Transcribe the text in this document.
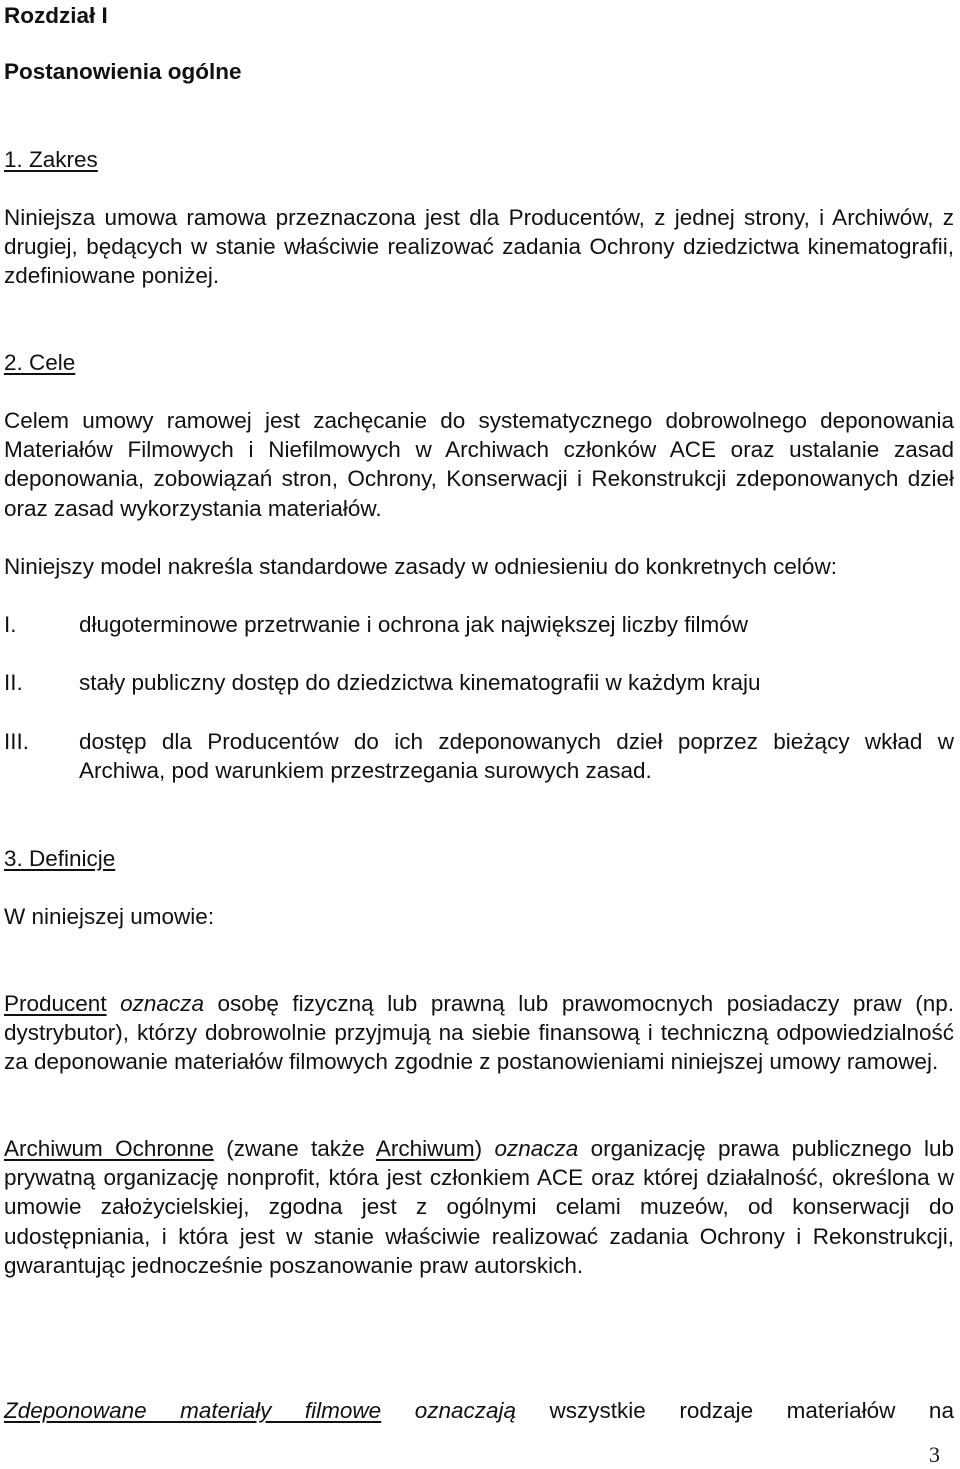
Rozdział I
Postanowienia ogólne
1. Zakres

Niniejsza umowa ramowa przeznaczona jest dla Producentów, z jednej strony, i Archiwów, z drugiej, będących w stanie właściwie realizować zadania Ochrony dziedzictwa kinematografii, zdefiniowane poniżej.

2. Cele

Celem umowy ramowej jest zachęcanie do systematycznego dobrowolnego deponowania Materiałów Filmowych i Niefilmowych w Archiwach członków ACE oraz ustalanie zasad deponowania, zobowiązań stron, Ochrony, Konserwacji i Rekonstrukcji zdeponowanych dzieł oraz zasad wykorzystania materiałów.

Niniejszy model nakreśla standardowe zasady w odniesieniu do konkretnych celów:

I.	długoterminowe przetrwanie i ochrona jak największej liczby filmów
II. stały publiczny dostęp do dziedzictwa kinematografii w każdym kraju
III. dostęp dla Producentów do ich zdeponowanych dzieł poprzez bieżący wkład w Archiwa, pod warunkiem przestrzegania surowych zasad.
3. Definicje
W niniejszej umowie:

Producent oznacza osobę fizyczną lub prawną lub prawomocnych posiadaczy praw (np. dystrybutor), którzy dobrowolnie przyjmują na siebie finansową i techniczną odpowiedzialność za deponowanie materiałów filmowych zgodnie z postanowieniami niniejszej umowy ramowej.

Archiwum Ochronne (zwane także Archiwum) oznacza organizację prawa publicznego lub prywatną organizację nonprofit, która jest członkiem ACE oraz której działalność, określona w umowie założycielskiej, zgodna jest z ogólnymi celami muzeów, od konserwacji do udostępniania, i która jest w stanie właściwie realizować zadania Ochrony i Rekonstrukcji, gwarantując jednocześnie poszanowanie praw autorskich.

Zdeponowane materiały filmowe oznaczają wszystkie rodzaje materiałów na

3
